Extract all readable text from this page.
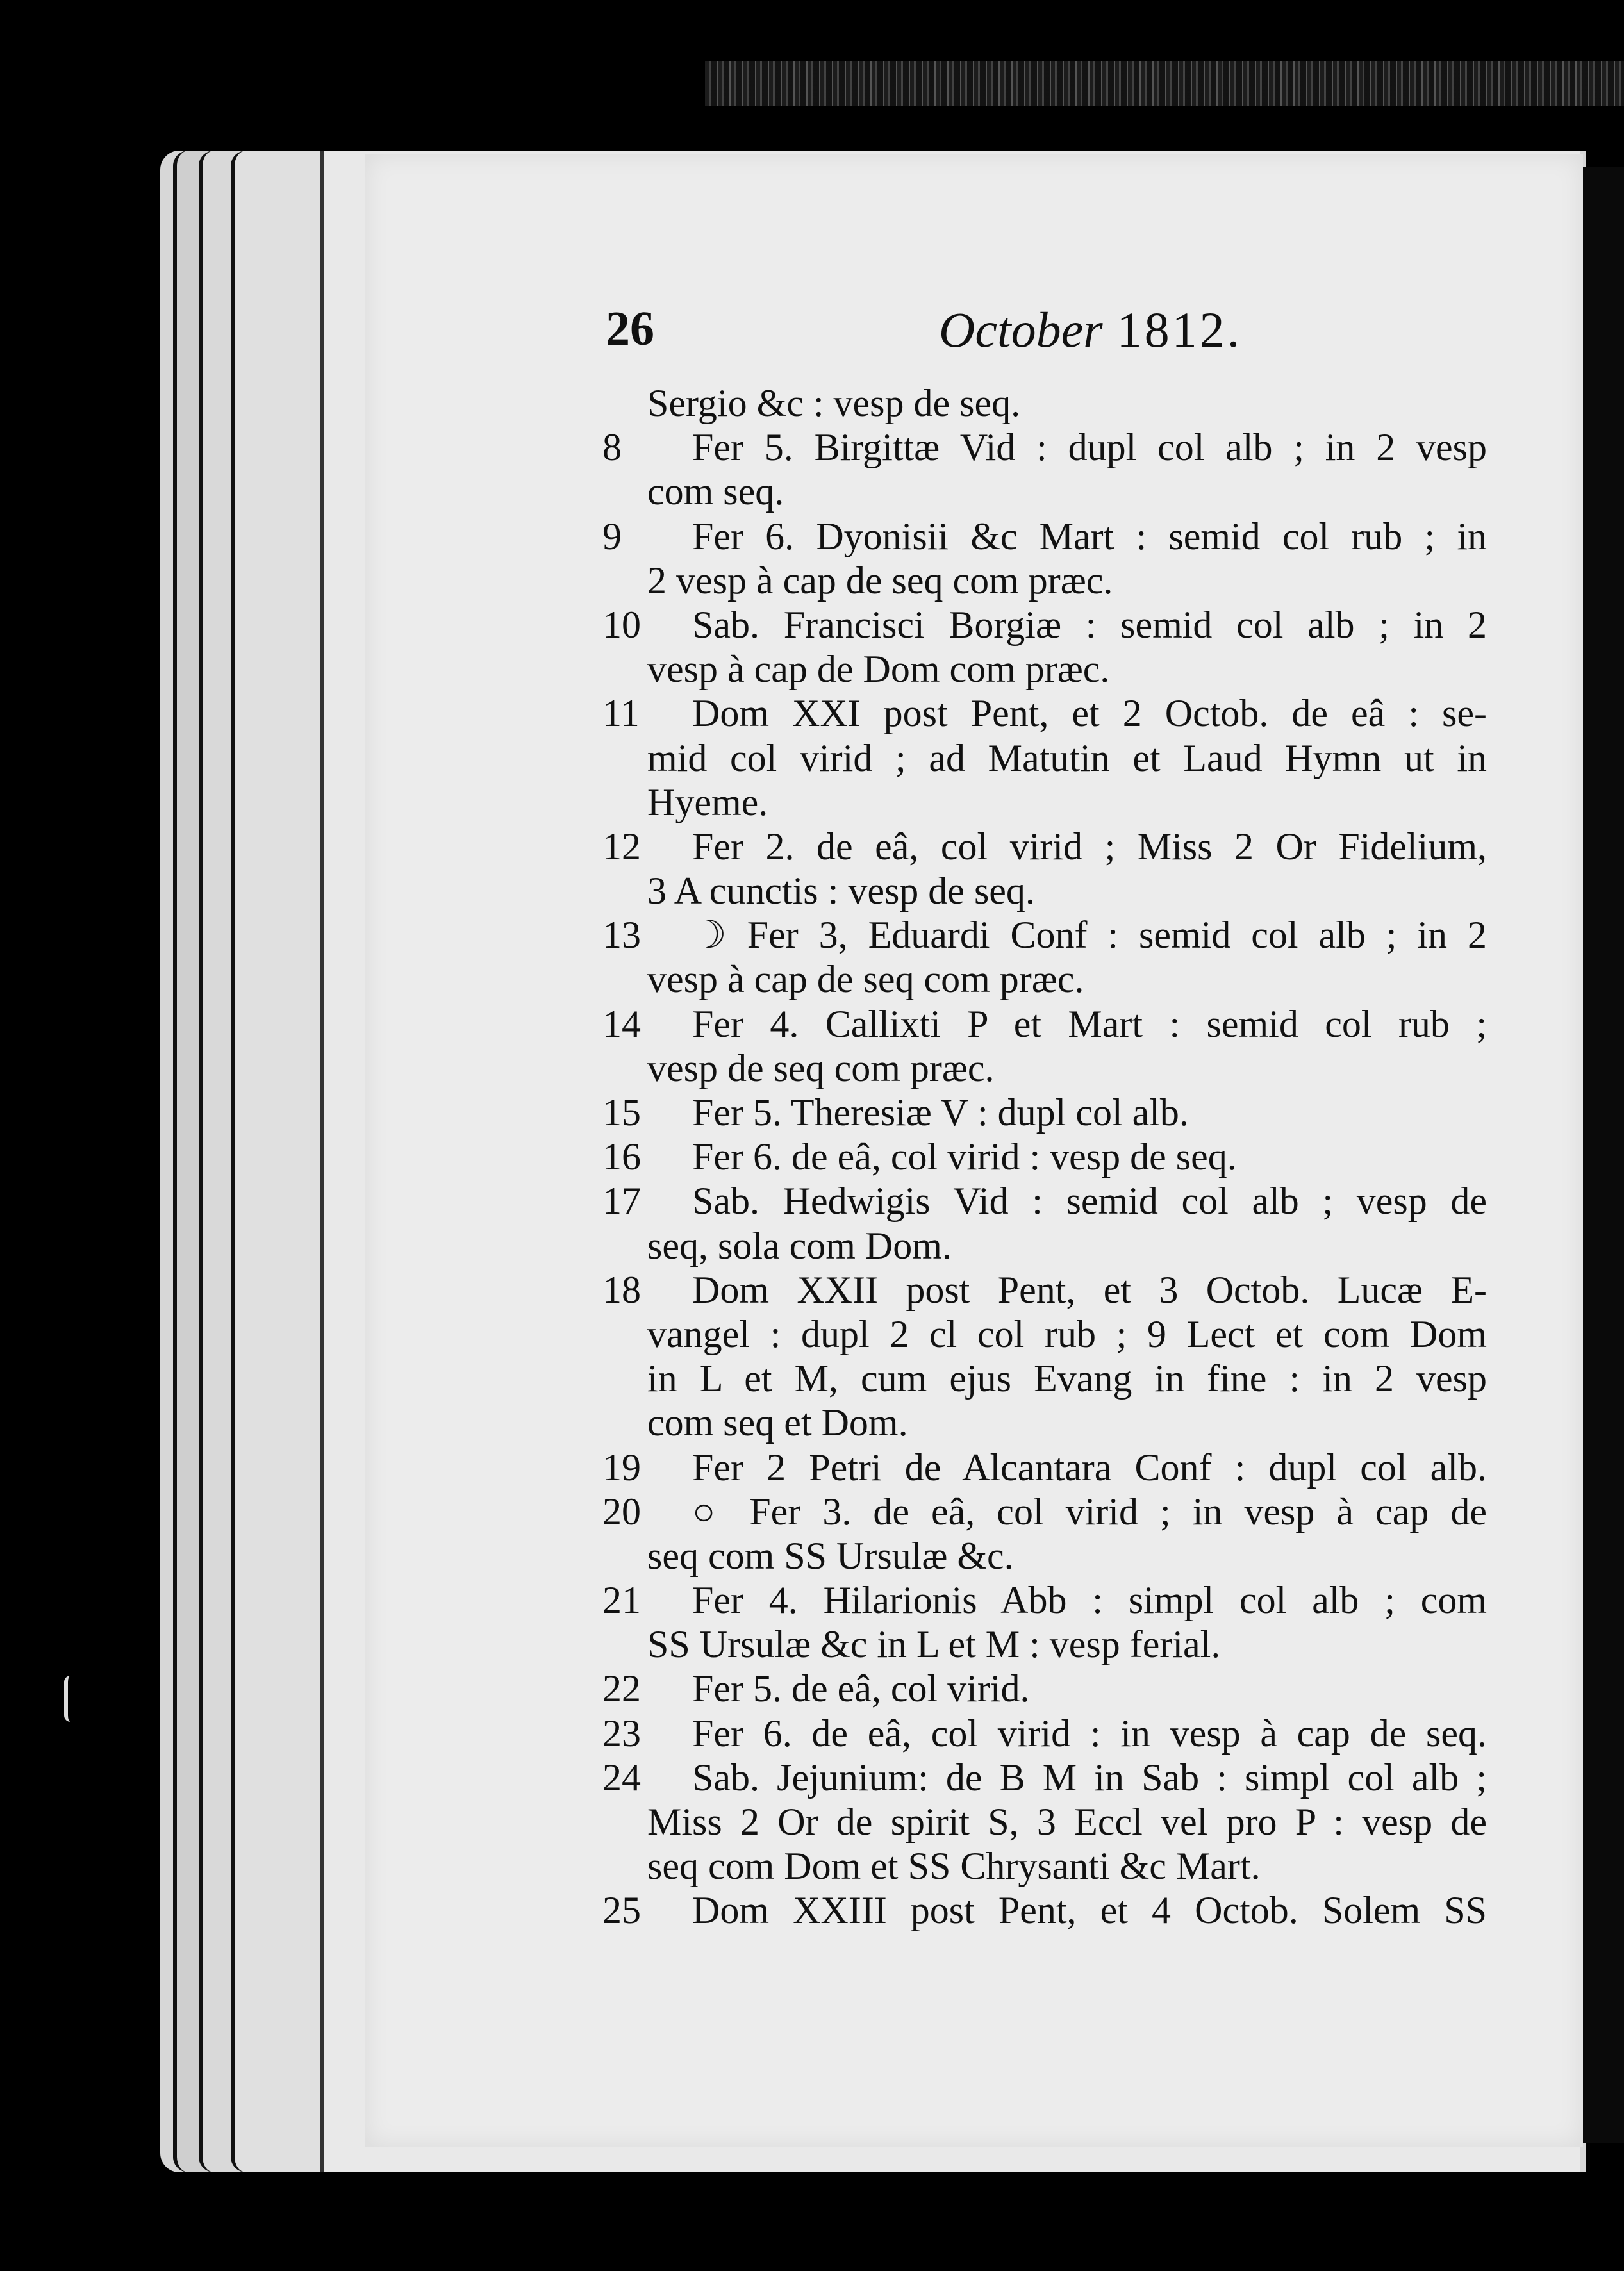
26	October 1812.
Sergio &c : vesp de seq.
8	Fer 5. Birgittæ Vid : dupl col alb ; in 2 vesp
com seq.
9	Fer 6. Dyonisii &c Mart : semid col rub ; in
2 vesp à cap de seq com præc.
10	Sab. Francisci Borgiæ : semid col alb ; in 2
vesp à cap de Dom com præc.
11	Dom XXI post Pent, et 2 Octob. de eâ : se-
mid col virid ; ad Matutin et Laud Hymn ut in
Hyeme.
12	Fer 2. de eâ, col virid ; Miss 2 Or Fidelium,
3 A cunctis : vesp de seq.
13	☽ Fer 3, Eduardi Conf : semid col alb ; in 2
vesp à cap de seq com præc.
14	Fer 4. Callixti P et Mart : semid col rub ;
vesp de seq com præc.
15	Fer 5. Theresiæ V : dupl col alb.
16	Fer 6. de eâ, col virid : vesp de seq.
17	Sab. Hedwigis Vid : semid col alb ; vesp de
seq, sola com Dom.
18	Dom XXII post Pent, et 3 Octob. Lucæ E-
vangel : dupl 2 cl col rub ; 9 Lect et com Dom
in L et M, cum ejus Evang in fine : in 2 vesp
com seq et Dom.
19	Fer 2 Petri de Alcantara Conf : dupl col alb.
20	○ Fer 3. de eâ, col virid ; in vesp à cap de
seq com SS Ursulæ &c.
21	Fer 4. Hilarionis Abb : simpl col alb ; com
SS Ursulæ &c in L et M : vesp ferial.
22	Fer 5. de eâ, col virid.
23	Fer 6. de eâ, col virid : in vesp à cap de seq.
24	Sab. Jejunium: de B M in Sab : simpl col alb ;
Miss 2 Or de spirit S, 3 Eccl vel pro P : vesp de
seq com Dom et SS Chrysanti &c Mart.
25	Dom XXIII post Pent, et 4 Octob. Solem SS
